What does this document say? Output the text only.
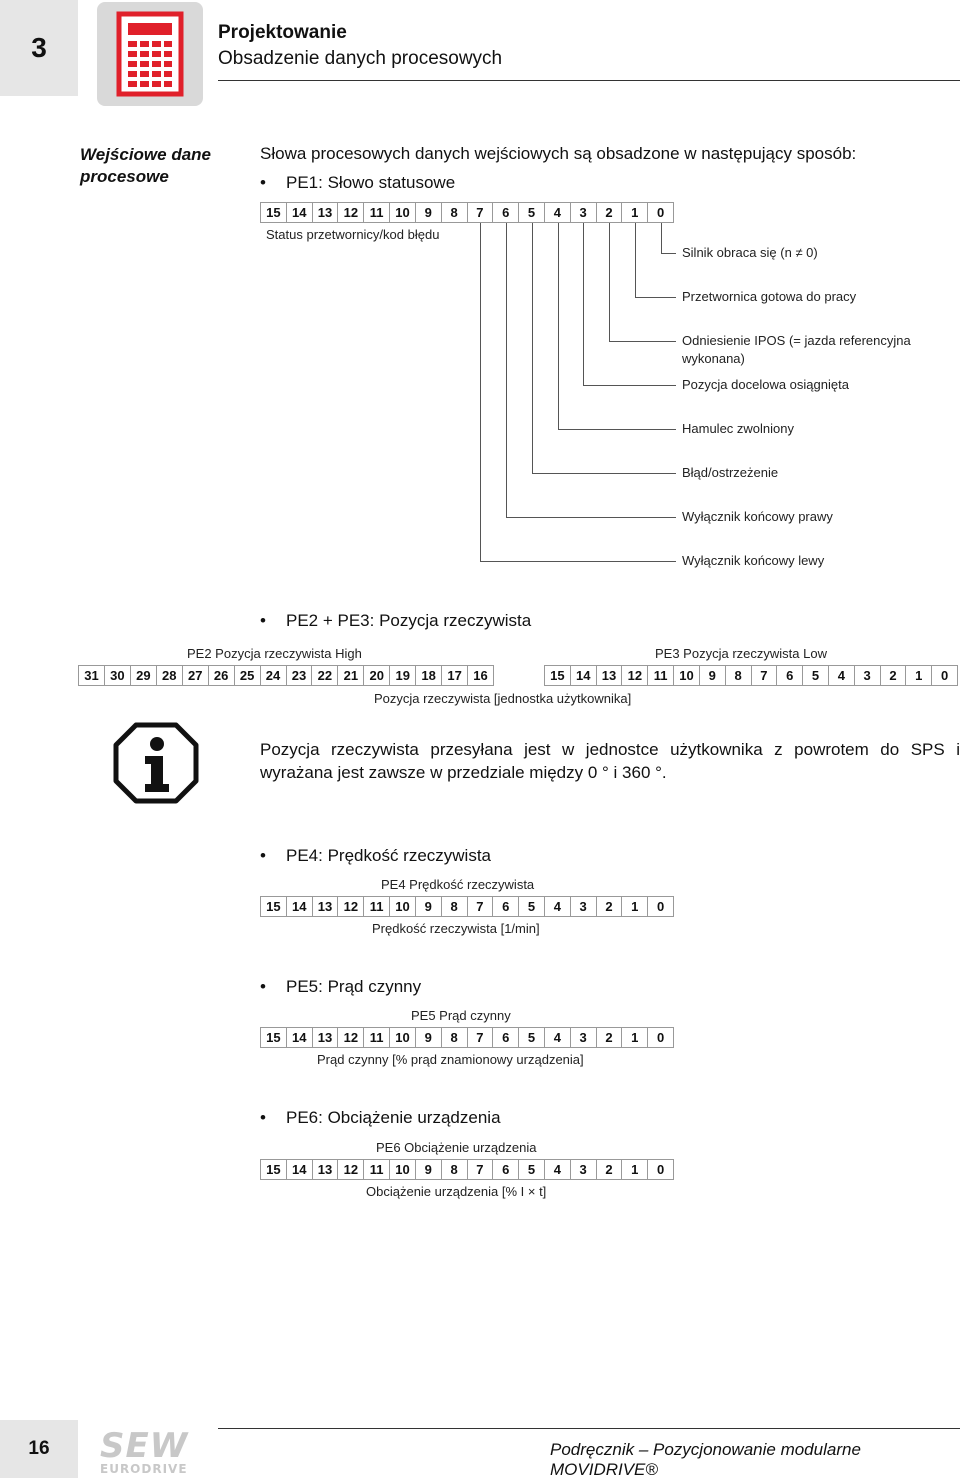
3	Projektowanie
Obsadzenie danych procesowych
Wejściowe dane
procesowe
Słowa procesowych danych wejściowych są obsadzone w następujący sposób:
• PE1: Słowo statusowe
15 14 13 12 11 10	9	8	7	6	5	4	3	2	1	0
Status przetwornicy/kod błędu
Silnik obraca się (n ≠ 0)
Przetwornica gotowa do pracy
Odniesienie IPOS (= jazda referencyjna wykonana)
Pozycja docelowa osiągnięta
Hamulec zwolniony
Błąd/ostrzeżenie
Wyłącznik końcowy prawy
Wyłącznik końcowy lewy
• PE2 + PE3: Pozycja rzeczywista
PE2 Pozycja rzeczywista High	PE3 Pozycja rzeczywista Low
31 30 29 28 27 26 25 24 23 22 21 20 19 18 17 16	15 14 13 12 11 10	9	8	7	6	5	4	3	2	1	0
Pozycja rzeczywista [jednostka użytkownika]
Pozycja rzeczywista przesyłana jest w jednostce użytkownika z powrotem do SPS i wyrażana jest zawsze w przedziale między 0 ° i 360 °.
• PE4: Prędkość rzeczywista
PE4 Prędkość rzeczywista
15 14 13 12 11 10	9	8	7	6	5	4	3	2	1	0
Prędkość rzeczywista [1/min]
• PE5: Prąd czynny
PE5 Prąd czynny
15 14 13 12 11 10	9	8	7	6	5	4	3	2	1	0
Prąd czynny [% prąd znamionowy urządzenia]
• PE6: Obciążenie urządzenia
PE6 Obciążenie urządzenia
15 14 13 12 11 10	9	8	7	6	5	4	3	2	1	0
Obciążenie urządzenia [% I × t]
16	SEW
EURODRIVE
Podręcznik – Pozycjonowanie modularne MOVIDRIVE®
